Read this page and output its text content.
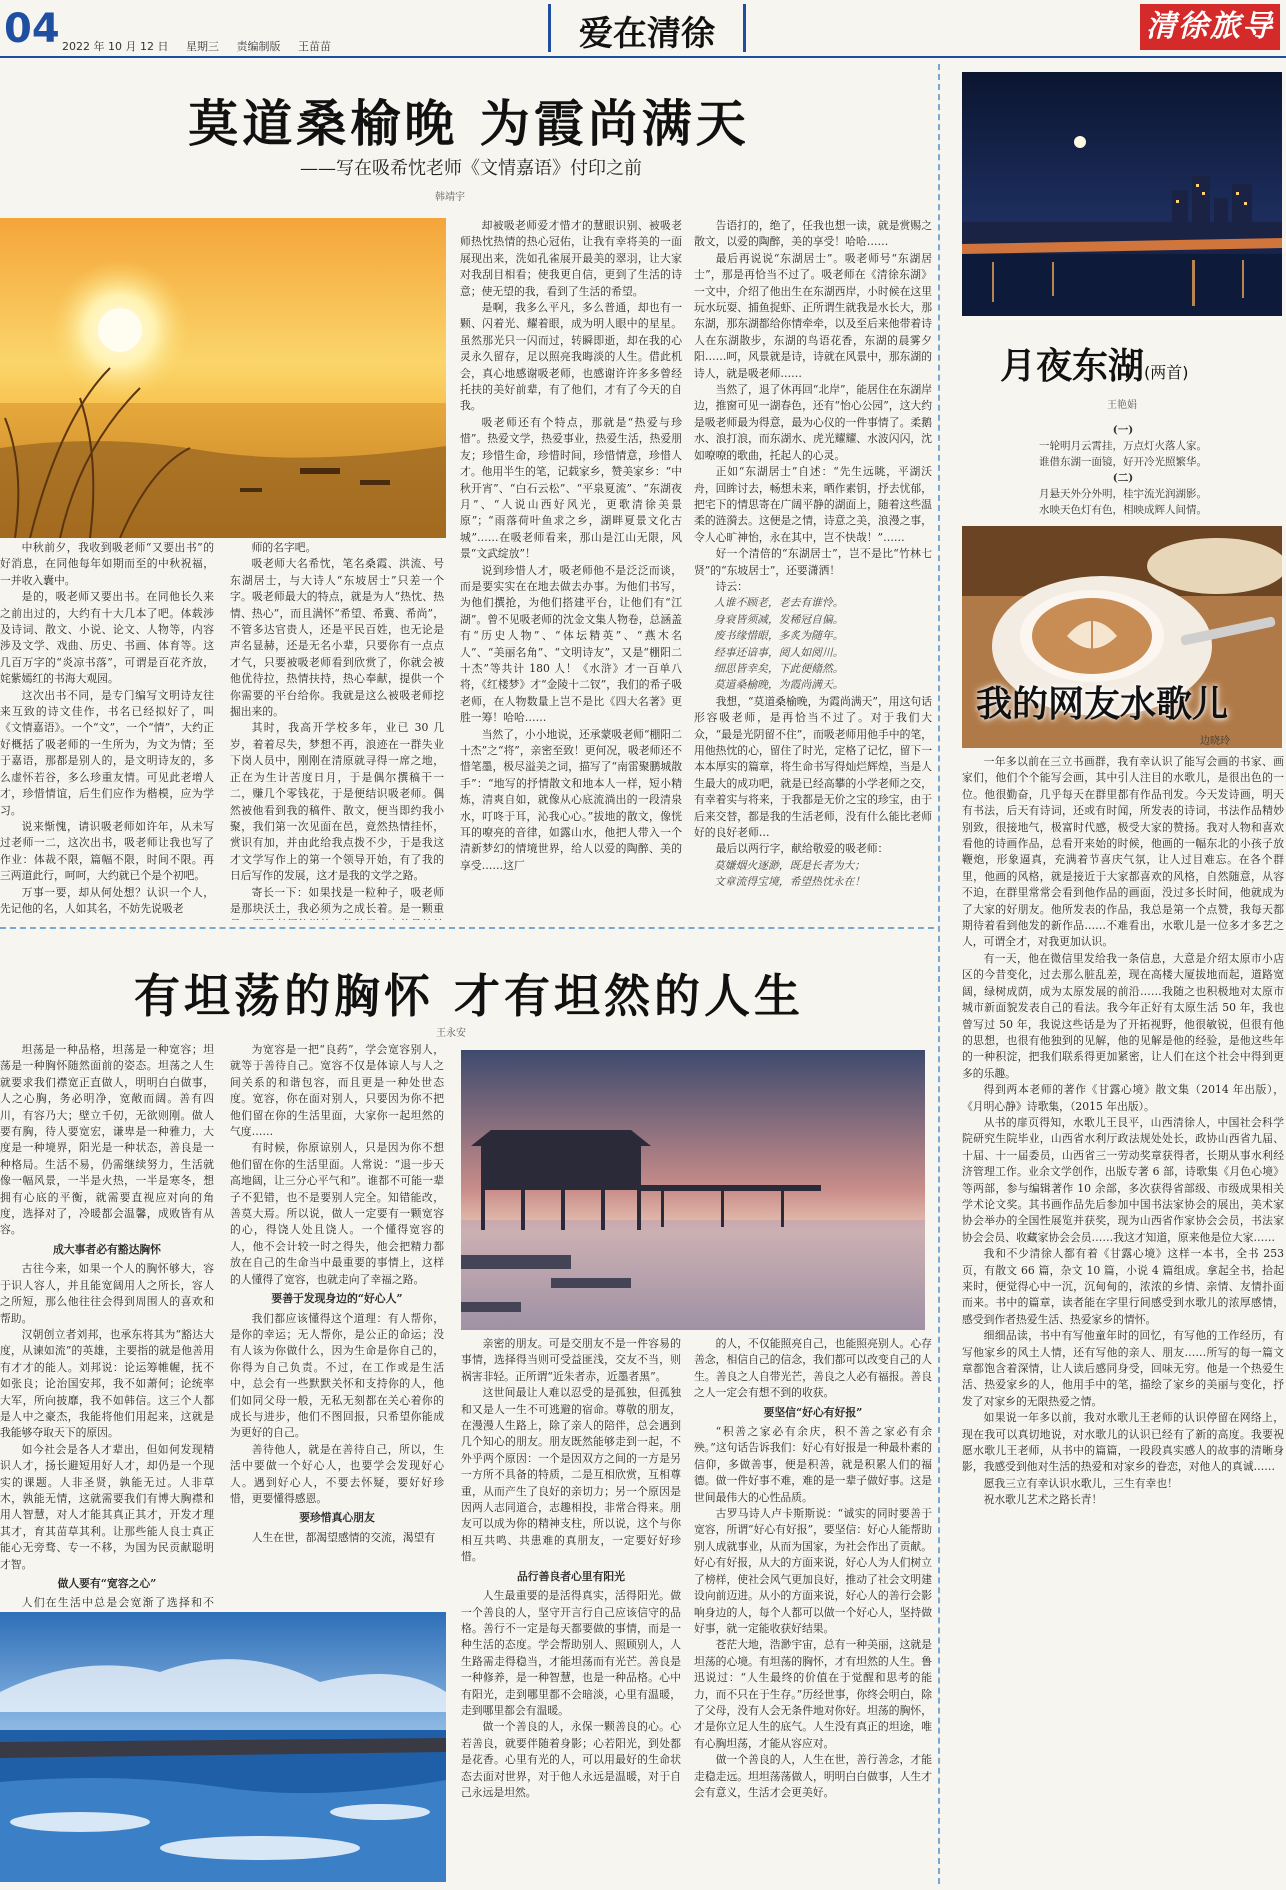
04 2022 年 10 月 12 日 星期三 责编制版 王苗苗	爱在清徐	清徐旅导
莫道桑榆晚 为霞尚满天
——写在吸希忱老师《文情嘉语》付印之前
韩靖宇

中秋前夕，我收到吸老师“又要出书”的好消息，在同他每年如期而至的中秋祝福，一并收入囊中。

是的，吸老师又要出书。在同他长久来之前出过的，大约有十大几本了吧。体载涉及诗词、散文、小说、论文、人物等，内容涉及文学、戏曲、历史、书画、体育等。这几百万字的“炎凉书落”，可谓是百花齐放，姹紫嫣红的书海大观园。

这次出书不同，是专门编写文明诗友往来互致的诗文佳作，书名已经拟好了，叫《文情嘉语》。一个“文”，一个“情”，大约正好概括了吸老师的一生所为，为文为情；至于嘉语，那都是别人的，是文明诗友的，多么虚怀若谷，多么珍重友情。可见此老增人才，珍惜情谊，后生们应作为楷模，应为学习。

说来惭愧，请识吸老师如许年，从未写过老师一二，这次出书，吸老师让我也写了作业：体裁不限，篇幅不限，时间不限。再三两道此行，呵呵，大约就已个是个初吧。

万事一要，却从何处想？认识一个人，先记他的名，人如其名，不妨先说吸老

师的名字吧。

吸老师大名希忱，笔名桑霞、洪流、号东湖居士，与大诗人“东坡居士”只差一个字。吸老师最大的特点，就是为人“热忱、热情、热心”，而且满怀“希望、希冀、希尚”，不管多达官贵人，还是平民百姓，也无论是声名显赫，还是无名小辈，只要你有一点点才气，只要被吸老师看到欣赏了，你就会被他优待拉，热情扶持，热心奉献，提供一个你需要的平台给你。我就是这么被吸老师挖掘出来的。

其时，我高开学校多年，业已 30 几岁，着着尽失，梦想不再，浪迹在一群失业下岗人员中，刚刚在清原就寻得一席之地，正在为生计苦度日月，于是偶尔撰稿干一二，赚几个零钱花，于是便结识吸老师。偶然被他看到我的稿件、散文，便当即约我小聚，我们第一次见面在邑，竟然热情挂怀，赏识有加，并由此给我点拨不少，于是我这才文学写作上的第一个领导开始，有了我的日后写作的发展，这才是我的文学之路。

寄长一下：如果找是一粒种子，吸老师是那块沃土，我必须为之成长着。是一颗重

却被吸老师爱才惜才的慧眼识别、被吸老师热忱热情的热心冠佑，让我有幸将美的一面展现出来，洗如孔雀展开最美的翠羽，让大家对我刮目相看；使我更自信，更到了生活的诗意；使无望的我，看到了生活的希望。

是啊，我多么平凡，多么普通，却也有一颗、闪着光、耀着眼，成为明人眼中的星星。虽然那光只一闪而过，转瞬即逝，却在我的心灵永久留存，足以照亮我晦淡的人生。借此机会，真心地感谢吸老师，也感谢许许多多曾经托扶的美好前辈，有了他们，才有了今天的自我。

吸老师还有个特点，那就是“热爱与珍惜”。热爱文学，热爱事业，热爱生活，热爱朋友；珍惜生命，珍惜时间，珍惜情意，珍惜人才。他用半生的笔，记载家乡，赞美家乡：“中秋开宵”、“白石云松”、“平泉夏流”、“东湖夜月”、“人说山西好风光，更歌清徐美景原”；“雨落荷叶鱼求之乡，湖畔夏景文化古城”……在吸老师看来，那山是江山无限，风景“文武绽放”！

说到珍惜人才，吸老师他不是泛泛而谈，而是要实实在在地去做去办事。为他们书写，为他们撰抢，为他们搭建平台，让他们有“江湖”。曾不见吸老师的沈金文集人物卷，总涵盖有“历史人物”、“体坛精英”、“燕木名人”、“美丽名角”、“文明诗友”，又是“棚阳二十杰”等共计 180 人！《水浒》才一百单八将，《红楼梦》才“金陵十二钗”，我们的希子吸老师，在人物数量上岂不是比《四大名著》更胜一筹！哈哈……

当然了，小小地说，还承蒙吸老师“棚阳二十杰”之“将”，亲密至致！更何况，吸老师还不惜笔墨，极尽溢美之词，描写了“南雷聚鹏城散手”：“地写的抒情散文和地本人一样，短小精炼，清爽自如，就像从心底流淌出的一段清泉水，叮咚于耳，沁我心心。”拔地的散文，像恍耳的嘹亮的音律，如露山水，他把人带入一个清新梦幻的情境世界，给人以爱的陶醉、美的享受……这厂

告语打的，绝了，任我也想一读，就是赏赐之散文，以爱的陶醉，美的享受！哈哈……

最后再说说“东湖居士”。吸老师号“东湖居士”，那是再恰当不过了。吸老师在《清徐东湖》一文中，介绍了他出生在东湖西岸，小时候在这里玩水玩耍、捕鱼捉虾、正所谓生就我是水长大，那东湖，那东湖都给你情牵牵，以及至后来他带着诗人在东湖散步，东湖的鸟语花香，东湖的晨雾夕阳……呵，风景就是诗，诗就在风景中，那东湖的诗人，就是吸老师……

当然了，退了休再回“北岸”，能居住在东湖岸边，推窗可见一湖春色，还有“怡心公园”，这大约是吸老师最为得意，最为心仪的一件事情了。柔鹅水、浪打浪，而东湖水、虎光耀耀、水波闪闪，沈如嘹嘹的歌曲，托起人的心灵。

正如“东湖居士”自述：“先生远眺，平湖沃舟，回眸讨去，畅想未来，晒作素钥，抒去忧郁，把宅下的情思寄在广阔平静的湖面上，随着这些温柔的涟漪去。这便是之情，诗意之美，浪漫之事，令人心旷神怡，永在其中，岂不快哉！”……

好一个清倍的“东湖居士”，岂不是比“竹林七贤”的“东坡居士”，还要潇洒！

诗云：

人谁不顾老，老去有谁怜。

身衰皆须减，发稀冠自偏。

废书缘惜眼，多炙为随年。

经事还谙事，阅人如阅川。

细思皆幸矣，下此便翛然。

莫道桑榆晚，为霞尚满天。

我想，“莫道桑榆晚，为霞尚满天”，用这句话形容吸老师，是再恰当不过了。对于我们大众，“最是光阴留不住”，而吸老师用他手中的笔，用他热忱的心，留住了时光，定格了记忆，留下一本本厚实的篇章，将生命书写得灿烂辉煌，当是人生最大的成功吧，就是已经高攀的小学老师之交，有幸着实与将来，于我都是无价之宝的珍宝，由于后来交替，都是我的生活老师，没有什么能比老师好的良好老师…

最后以两行字，献给敬爱的吸老师：

莫嫌烟火逐渺，既是长者为大；

文章流得宝境，希望热忱永在！

有坦荡的胸怀 才有坦然的人生
王永安

坦荡是一种品格，坦荡是一种宽容；坦荡是一种胸怀随然面前的姿态。坦荡之人生就要求我们襟宽正直做人，明明白白做事，人之心胸，务必明净，宽敞而阔。善有四川，有容乃大；壁立千仞，无欲则刚。做人要有胸，待人要宽宏，谦卑是一种雅力，大度是一种境界，阳光是一种状态，善良是一种格局。生活不易，仍需继续努力，生活就像一幅风景，一半是火热，一半是寒冬，想拥有心底的平衡，就需要直视应对向的角度，选择对了，冷暖都会温馨，成败皆有从容。

成大事者必有豁达胸怀

古往今来，如果一个人的胸怀够大，容于识人容人，并且能宽阔用人之所长，容人之所短，那么他往往会得到周围人的喜欢和帮助。

汉朝创立者刘邦，也承东将其为“豁达大度，从谏如流”的英雄，主要指的就是他善用有才才的能人。刘邦说：论运筹帷幄，抚不如张良；论治国安邦，我不如萧何；论统率大军，所向披靡，我不如韩信。这三个人都是人中之豪杰，我能将他们用起来，这就是我能够夺取天下的原因。

如今社会是各人才辈出，但如何发现精识人才，扬长避短用好人才，却仍是一个现实的课题。人非圣贤，孰能无过。人非草木，孰能无情，这就需要我们有博大胸襟和用人智慧，对人才能其真正其才，开发才理其才，育其苗草其利。让那些能人良士真正能心无旁骛、专一不移，为国为民贡献聪明才智。

做人要有“宽容之心”

人们在生活中总是会宽渐了选择和不

为宽容是一把“良药”，学会宽容别人，就等于善待自己。宽容不仅是体谅人与人之间关系的和谐包容，而且更是一种处世态度。宽容，你在面对别人，只要因为你不把他们留在你的生活里面，大家你一起坦然的气度……

有时候，你原谅别人，只是因为你不想他们留在你的生活里面。人常说：“退一步天高地阔，让三分心平气和”。谁都不可能一辈子不犯错，也不是要别人完全。知错能改，善莫大焉。所以说，做人一定要有一颗宽容的心，得饶人处且饶人。一个懂得宽容的人，他不会计较一时之得失，他会把精力都放在自己的生命当中最重要的事情上，这样的人懂得了宽容，也就走向了幸福之路。

要善于发现身边的“好心人”

我们都应该懂得这个道理：有人帮你，是你的幸运；无人帮你，是公正的命运；没有人该为你做什么，因为生命是你自己的，你得为自己负责。不过，在工作或是生活中，总会有一些默默关怀和支持你的人，他们如同父母一般，无私无刻都在关心着你的成长与进步，他们不图回报，只希望你能成为更好的自己。

善待他人，就是在善待自己，所以，生活中要做一个好心人，也要学会发现好心人。遇到好心人，不要去怀疑，要好好珍惜，更要懂得感恩。

要珍惜真心朋友

人生在世，都渴望感情的交流，渴望有

亲密的朋友。可是交朋友不是一件容易的事情，选择得当则可受益匪浅，交友不当，则祸害非轻。正所谓“近朱者赤，近墨者黑”。

这世间最让人难以忍受的是孤独，但孤独和又是人一生不可逃避的宿命。尊敬的朋友，在漫漫人生路上，除了亲人的陪伴，总会遇到几个知心的朋友。朋友既然能够走到一起，不外乎两个原因：一个是因双方之间的一方是另一方所不具备的特质，二是互相欣赏，互相尊重，从而产生了良好的亲切力；另一个原因是因两人志同道合，志趣相投，非常合得来。朋友可以成为你的精神支柱，所以说，这个与你相互共鸣、共患难的真朋友，一定要好好珍惜。

品行善良者心里有阳光

人生最重要的是活得真实，活得阳光。做一个善良的人，坚守开言行自己应该信守的品格。善行不一定是每天都要做的事情，而是一种生活的态度。学会帮助别人、照顾别人，人生路需走得稳当，才能坦荡而有光芒。善良是一种修养，是一种智慧，也是一种品格。心中有阳光，走到哪里都不会暗淡，心里有温暖，走到哪里都会有温暖。

做一个善良的人，永保一颗善良的心。心若善良，就要伴随着身影；心若阳光，到处都是花香。心里有光的人，可以用最好的生命状态去面对世界，对于他人永远是温暖，对于自己永远是坦然。

的人，不仅能照亮自己，也能照亮别人。心存善念，相信自己的信念，我们都可以改变自己的人生。善良之人自带光芒，善良之人必有福报。善良之人一定会有想不到的收获。

要坚信“好心有好报”

“积善之家必有余庆，积不善之家必有余殃。”这句话告诉我们：好心有好报是一种最朴素的信仰，多做善事，便是积善，就是积累人们的福德。做一件好事不难，难的是一辈子做好事。这是世间最伟大的心性品质。

古罗马诗人卢卡斯斯说：“诚实的同时要善于宽容，所谓“好心有好报”，要坚信：好心人能帮助别人成就事业，从而为国家，为社会作出了贡献。好心有好报，从大的方面来说，好心人为人们树立了榜样，使社会风气更加良好，推动了社会文明建设向前迈进。从小的方面来说，好心人的善行会影响身边的人，每个人都可以做一个好心人，坚持做好事，就一定能收获好结果。

苍茫大地，浩渺宇宙，总有一种美丽，这就是坦荡的心境。有坦荡的胸怀，才有坦然的人生。鲁迅说过：“人生最终的价值在于觉醒和思考的能力，而不只在于生存。”历经世事，你终会明白，除了父母，没有人会无条件地对你好。坦荡的胸怀，才是你立足人生的底气。人生没有真正的坦途，唯有心胸坦荡，才能从容应对。

做一个善良的人，人生在世，善行善念，才能走稳走远。坦坦荡荡做人，明明白白做事，人生才会有意义，生活才会更美好。

月夜东湖(两首)
王艳娟
(一)
一轮明月云霄挂，万点灯火落人家。
谁借东湖一面镜，好开冷光照繁华。
(二)
月悬天外分外明，桂宇流光润湖影。
水映天色灯有色，相映成辉人间情。
我的网友水歌儿
边晓玲

一年多以前在三立书画群，我有幸认识了能写会画的书家、画家们，他们个个能写会画，其中引人注目的水歌儿，是很出色的一位。他很勤奋，几乎每天在群里都有作品刊发。今天发诗画，明天有书法，后天有诗词，还或有时闻，所发表的诗词，书法作品精妙别致，很接地气，极富时代感，极受大家的赞扬。我对人物和喜欢看他的诗画作品，总看开来始的时候，他画的一幅东北的小孩子放鞭炮，形象逼真，充满着节喜庆气氛，让人过目难忘。在各个群里，他画的风格，就是接近于大家都喜欢的风格，自然随意，从容不迫，在群里常常会看到他作品的画面，没过多长时间，他就成为了大家的好朋友。他所发表的作品，我总是第一个点赞，我每天都期待着看到他发的新作品……不难看出，水歌儿是一位多才多艺之人，可谓全才，对我更加认识。

有一天，他在微信里发给我一条信息，大意是介绍太原市小店区的今昔变化，过去那么脏乱差，现在高楼大厦拔地而起，道路宽阔，绿树成荫，成为太原发展的前沿……我随之也积极地对太原市城市新面貌发表自己的看法。我今年正好有太原生活 50 年，我也曾写过 50 年，我说这些话是为了开拓视野，他很敏锐，但很有他的思想，也很有他独到的见解，他的见解是他的经验，是他这些年的一种积淀，把我们联系得更加紧密，让人们在这个社会中得到更多的乐趣。

得到两本老师的著作《甘露心境》散文集（2014 年出版），《月明心静》诗歌集，（2015 年出版）。

从书的扉页得知，水歌儿王艮平，山西清徐人，中国社会科学院研究生院毕业，山西省水利厅政法规处处长，政协山西省九届、十届、十一届委员，山西省三一劳动奖章获得者，长期从事水利经济管理工作。业余文学创作，出版专著 6 部，诗歌集《月色心境》等两部，参与编辑著作 10 余部，多次获得省部级、市级成果相关学术论文奖。其书画作品先后参加中国书法家协会的展出，美术家协会举办的全国性展览并获奖，现为山西省作家协会会员，书法家协会会员、收藏家协会会员……我这才知道，原来他是位大家……

我和不少清徐人都有着《甘露心境》这样一本书，全书 253 页，有散文 66 篇，杂文 10 篇，小说 4 篇组成。拿起全书，拾起来时，便觉得心中一沉，沉甸甸的，浓浓的乡情、亲情、友情扑面而来。书中的篇章，读者能在字里行间感受到水歌儿的浓厚感情，感受到作者热爱生活、热爱家乡的情怀。

细细品读，书中有写他童年时的回忆，有写他的工作经历，有写他家乡的风土人情，还有写他的亲人、朋友……所写的每一篇文章都饱含着深情，让人读后感同身受，回味无穷。他是一个热爱生活、热爱家乡的人，他用手中的笔，描绘了家乡的美丽与变化，抒发了对家乡的无限热爱之情。

如果说一年多以前，我对水歌儿王老师的认识停留在网络上，现在我可以真切地说，对水歌儿的认识已经有了新的高度。我要祝愿水歌儿王老师，从书中的篇篇，一段段真实感人的故事的清晰身影，我感受到他对生活的热爱和对家乡的眷恋，对他人的真诚……

愿我三立有幸认识水歌儿，三生有幸也！

祝水歌儿艺术之路长青！
